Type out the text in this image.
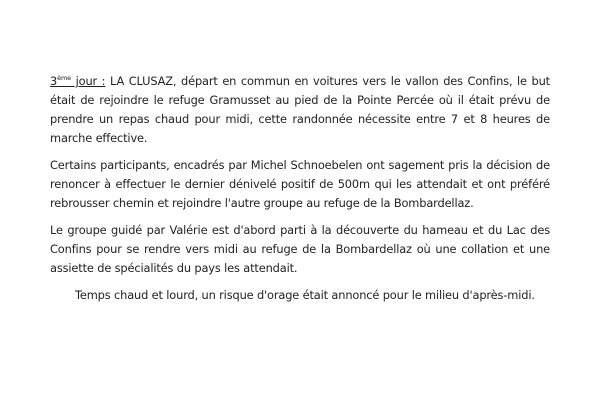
3ème jour : LA CLUSAZ, départ en commun en voitures vers le vallon des Confins, le but était de rejoindre le refuge Gramusset au pied de la Pointe Percée où il était prévu de prendre un repas chaud pour midi, cette randonnée nécessite entre 7 et 8 heures de marche effective.

Certains participants, encadrés par Michel Schnoebelen ont sagement pris la décision de renoncer à effectuer le dernier dénivelé positif de 500m qui les attendait et ont préféré rebrousser chemin et rejoindre l'autre groupe au refuge de la Bombardellaz.

Le groupe guidé par Valérie est d'abord parti à la découverte du hameau et du Lac des Confins pour se rendre vers midi au refuge de la Bombardellaz où une collation et une assiette de spécialités du pays les attendait.

Temps chaud et lourd, un risque d'orage était annoncé pour le milieu d'après-midi.
